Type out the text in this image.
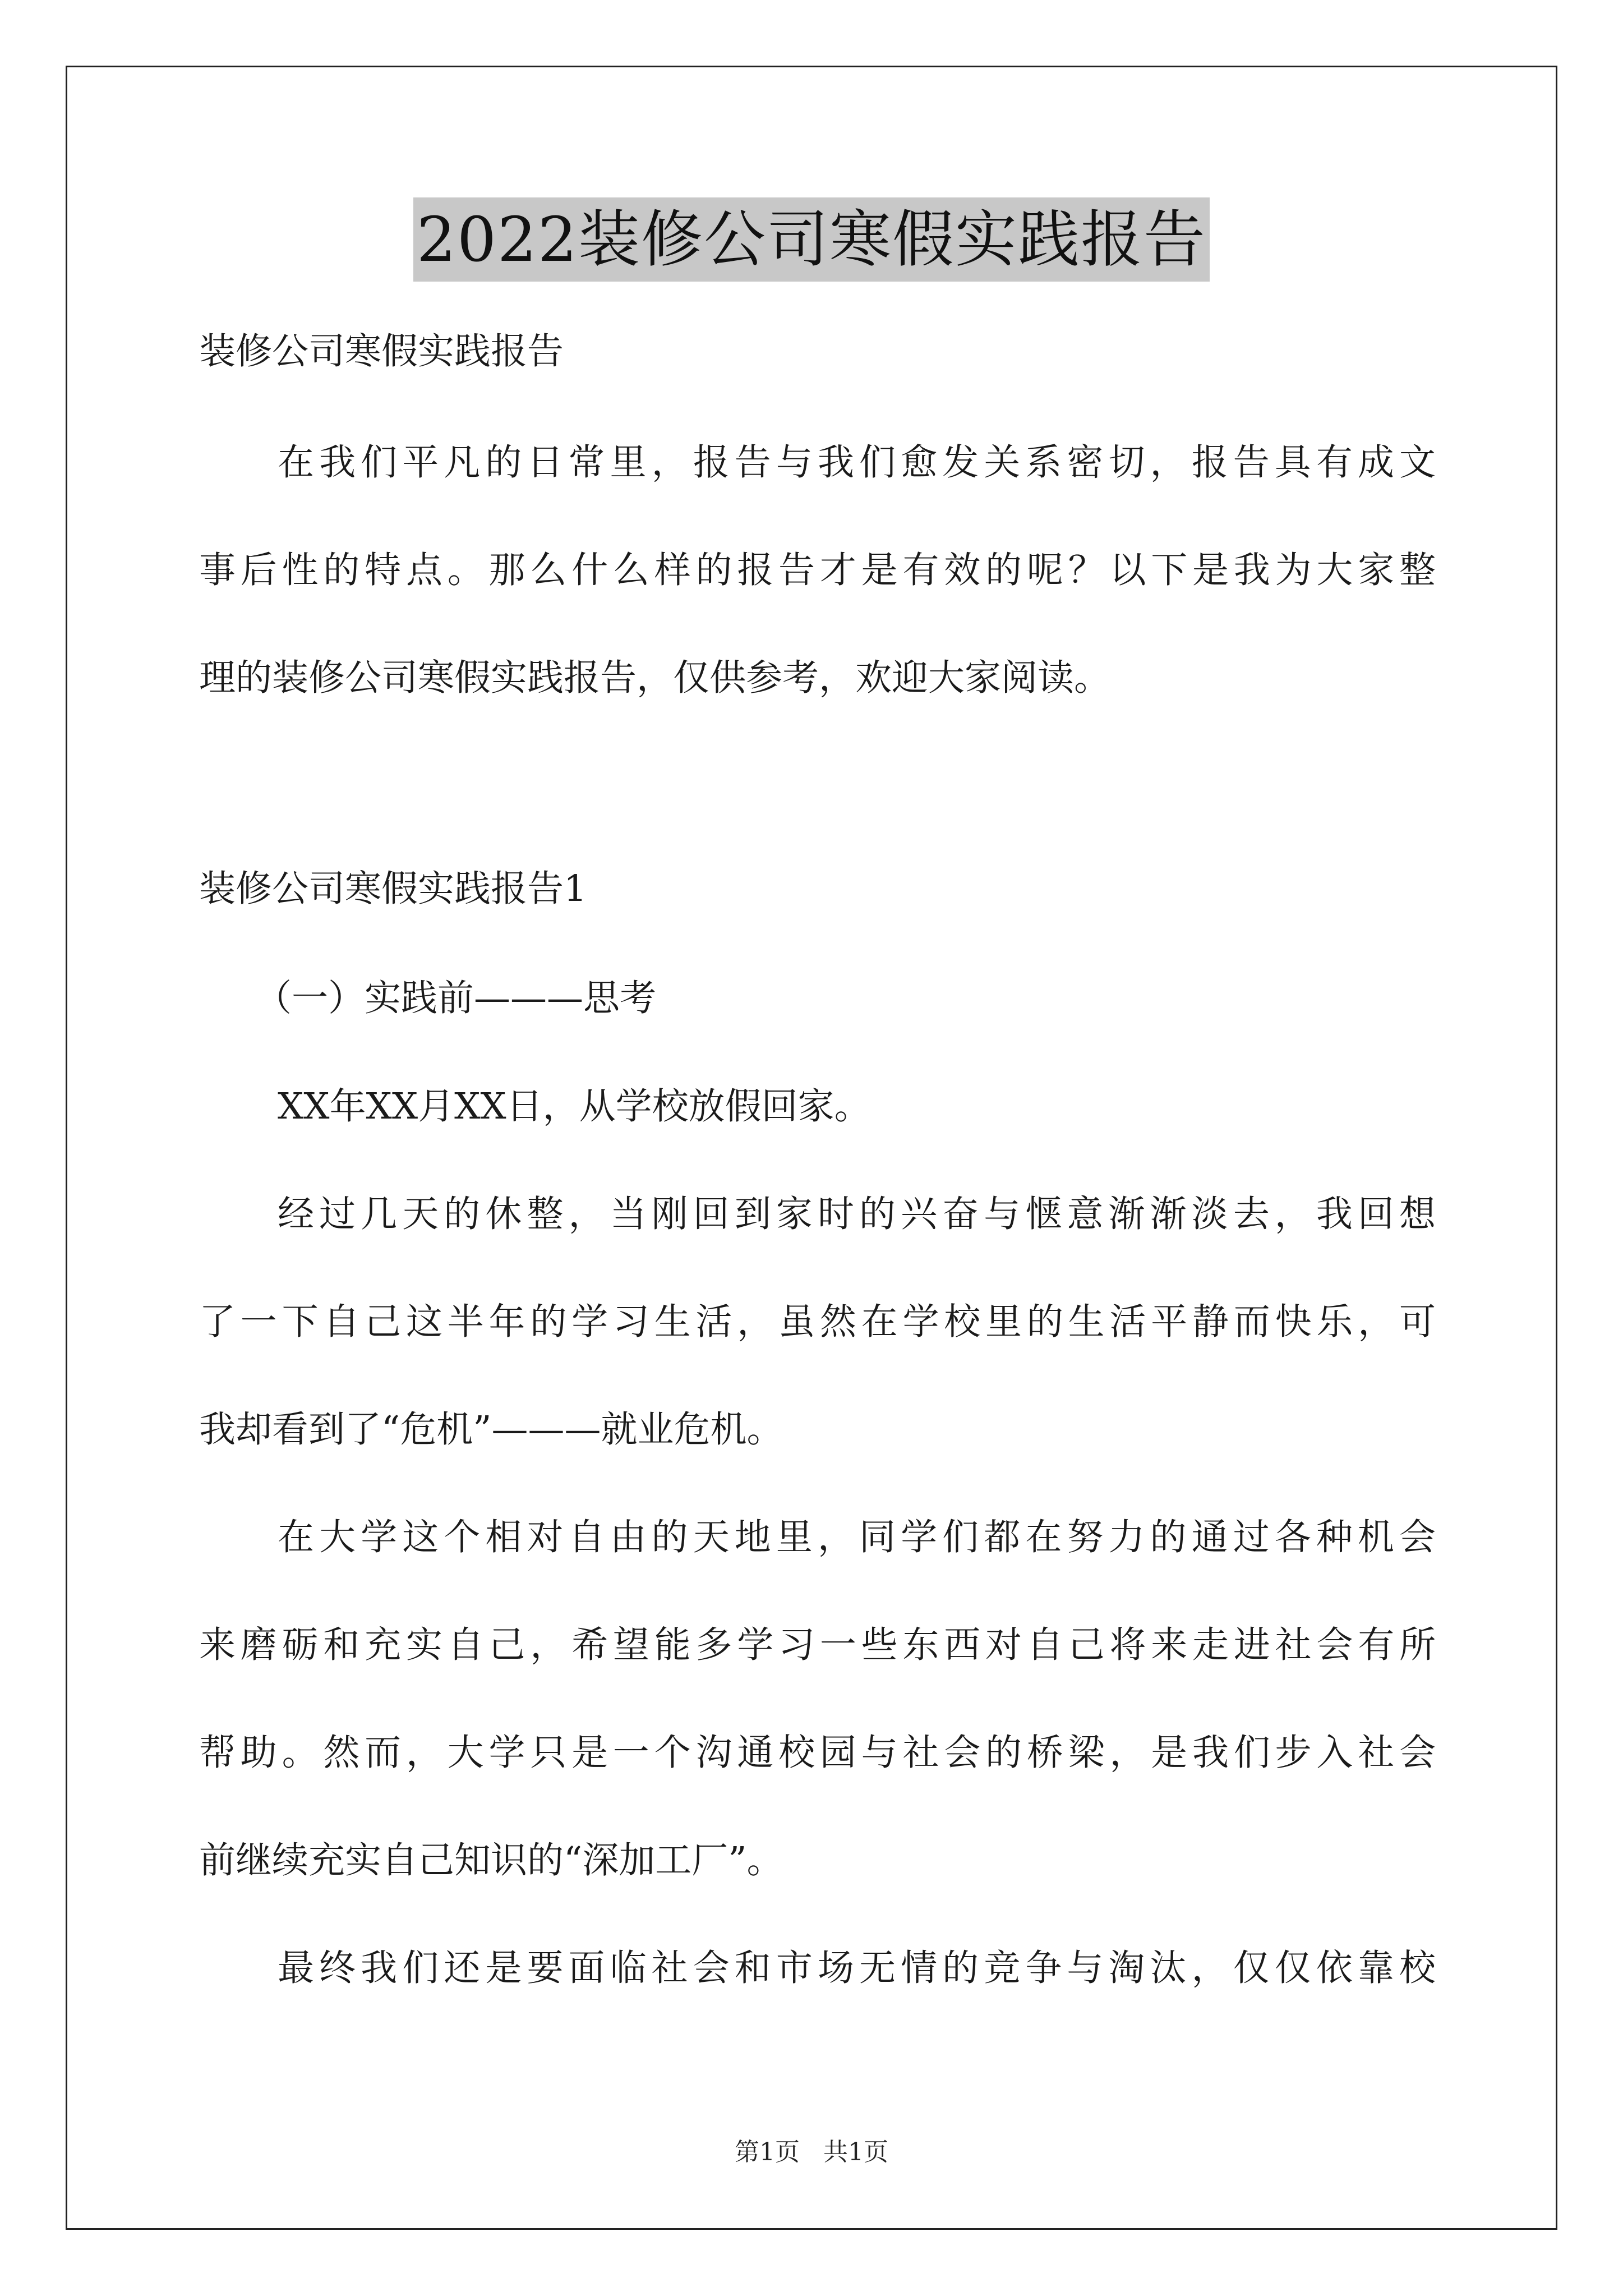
2022装修公司寒假实践报告
装修公司寒假实践报告
在我们平凡的日常里，报告与我们愈发关系密切，报告具有成文
事后性的特点。那么什么样的报告才是有效的呢？以下是我为大家整
理的装修公司寒假实践报告，仅供参考，欢迎大家阅读。
装修公司寒假实践报告1
（一）实践前———思考
XX年XX月XX日，从学校放假回家。
经过几天的休整，当刚回到家时的兴奋与惬意渐渐淡去，我回想
了一下自己这半年的学习生活，虽然在学校里的生活平静而快乐，可
我却看到了“危机”———就业危机。
在大学这个相对自由的天地里，同学们都在努力的通过各种机会
来磨砺和充实自己，希望能多学习一些东西对自己将来走进社会有所
帮助。然而，大学只是一个沟通校园与社会的桥梁，是我们步入社会
前继续充实自己知识的“深加工厂”。
最终我们还是要面临社会和市场无情的竞争与淘汰，仅仅依靠校
第1页 共1页
